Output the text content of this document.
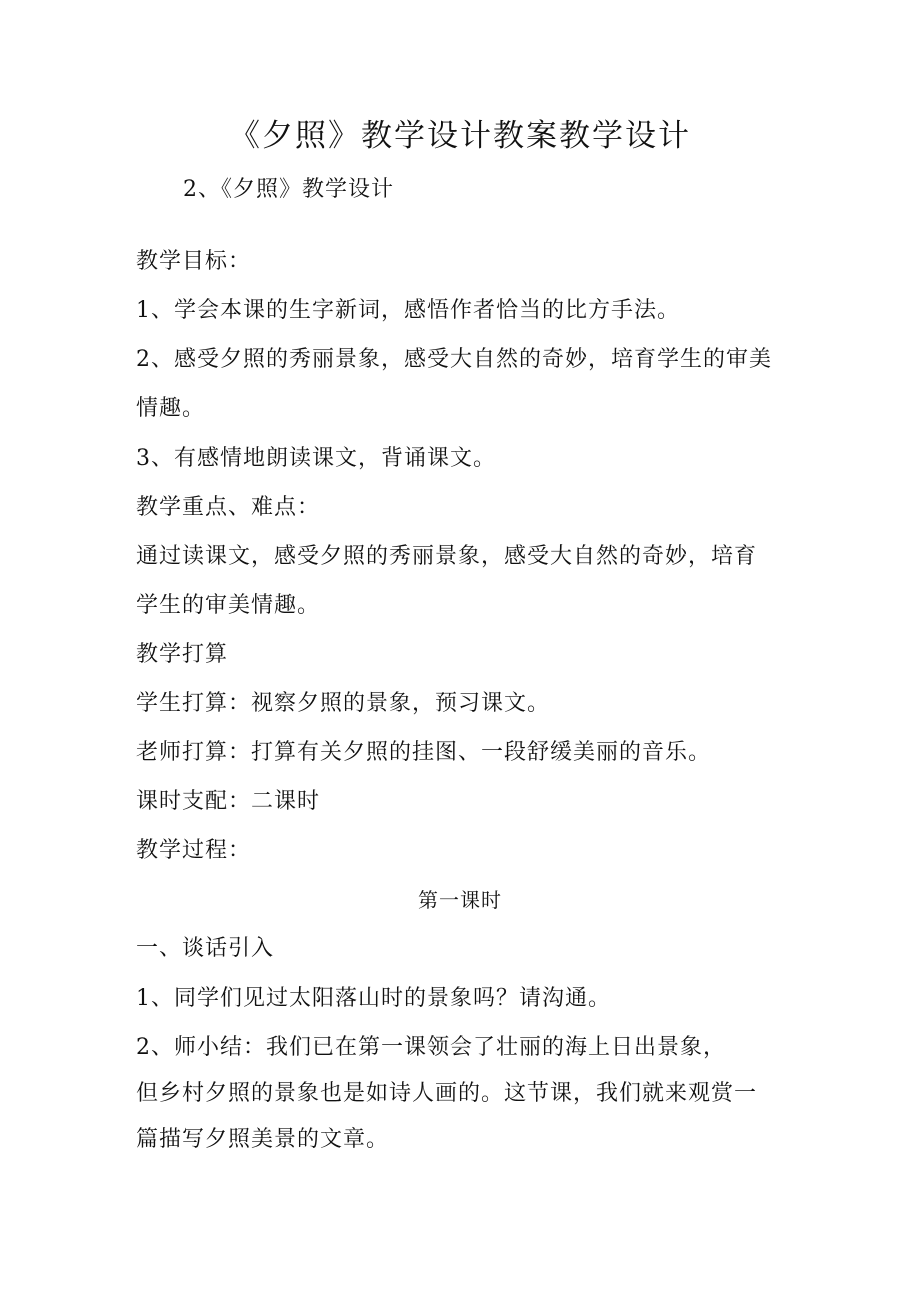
《夕照》教学设计教案教学设计
2、《夕照》教学设计
教学目标：
1、学会本课的生字新词，感悟作者恰当的比方手法。
2、感受夕照的秀丽景象，感受大自然的奇妙，培育学生的审美
情趣。
3、有感情地朗读课文，背诵课文。
教学重点、难点：
通过读课文，感受夕照的秀丽景象，感受大自然的奇妙，培育
学生的审美情趣。
教学打算
学生打算：视察夕照的景象，预习课文。
老师打算：打算有关夕照的挂图、一段舒缓美丽的音乐。
课时支配：二课时
教学过程：
第一课时
一、谈话引入
1、同学们见过太阳落山时的景象吗？请沟通。
2、师小结：我们已在第一课领会了壮丽的海上日出景象，
但乡村夕照的景象也是如诗人画的。这节课，我们就来观赏一
篇描写夕照美景的文章。
